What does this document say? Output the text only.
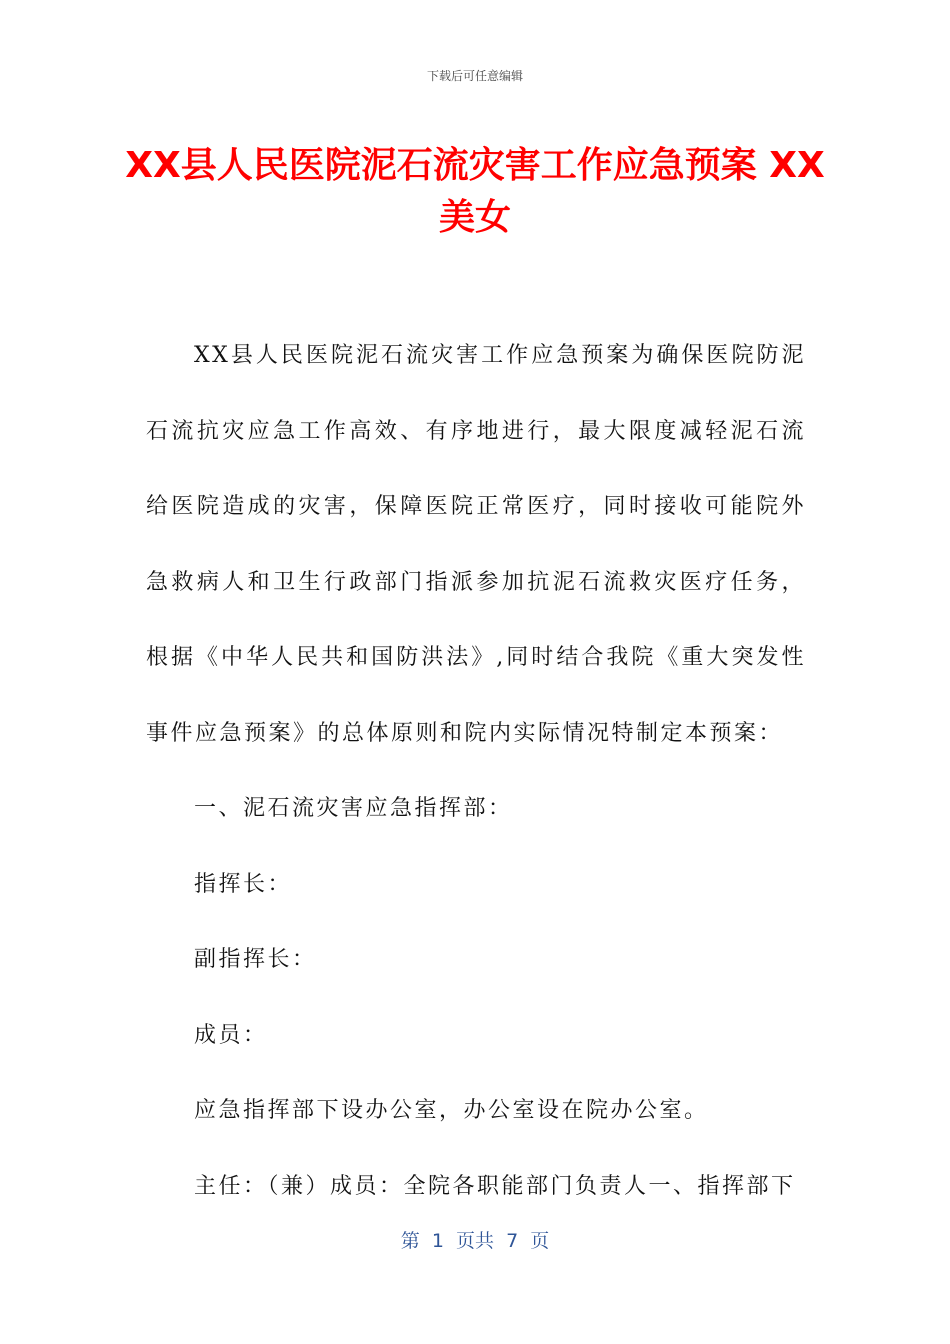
下载后可任意编辑
XX县人民医院泥石流灾害工作应急预案 XX美女

XX县人民医院泥石流灾害工作应急预案为确保医院防泥石流抗灾应急工作高效、有序地进行，最大限度减轻泥石流给医院造成的灾害，保障医院正常医疗，同时接收可能院外急救病人和卫生行政部门指派参加抗泥石流救灾医疗任务，根据《中华人民共和国防洪法》,同时结合我院《重大突发性事件应急预案》的总体原则和院内实际情况特制定本预案：

一、泥石流灾害应急指挥部：

指挥长：

副指挥长：

成员：

应急指挥部下设办公室，办公室设在院办公室。

主任：（兼）成员：全院各职能部门负责人一、指挥部下

第  1  页共  7  页
